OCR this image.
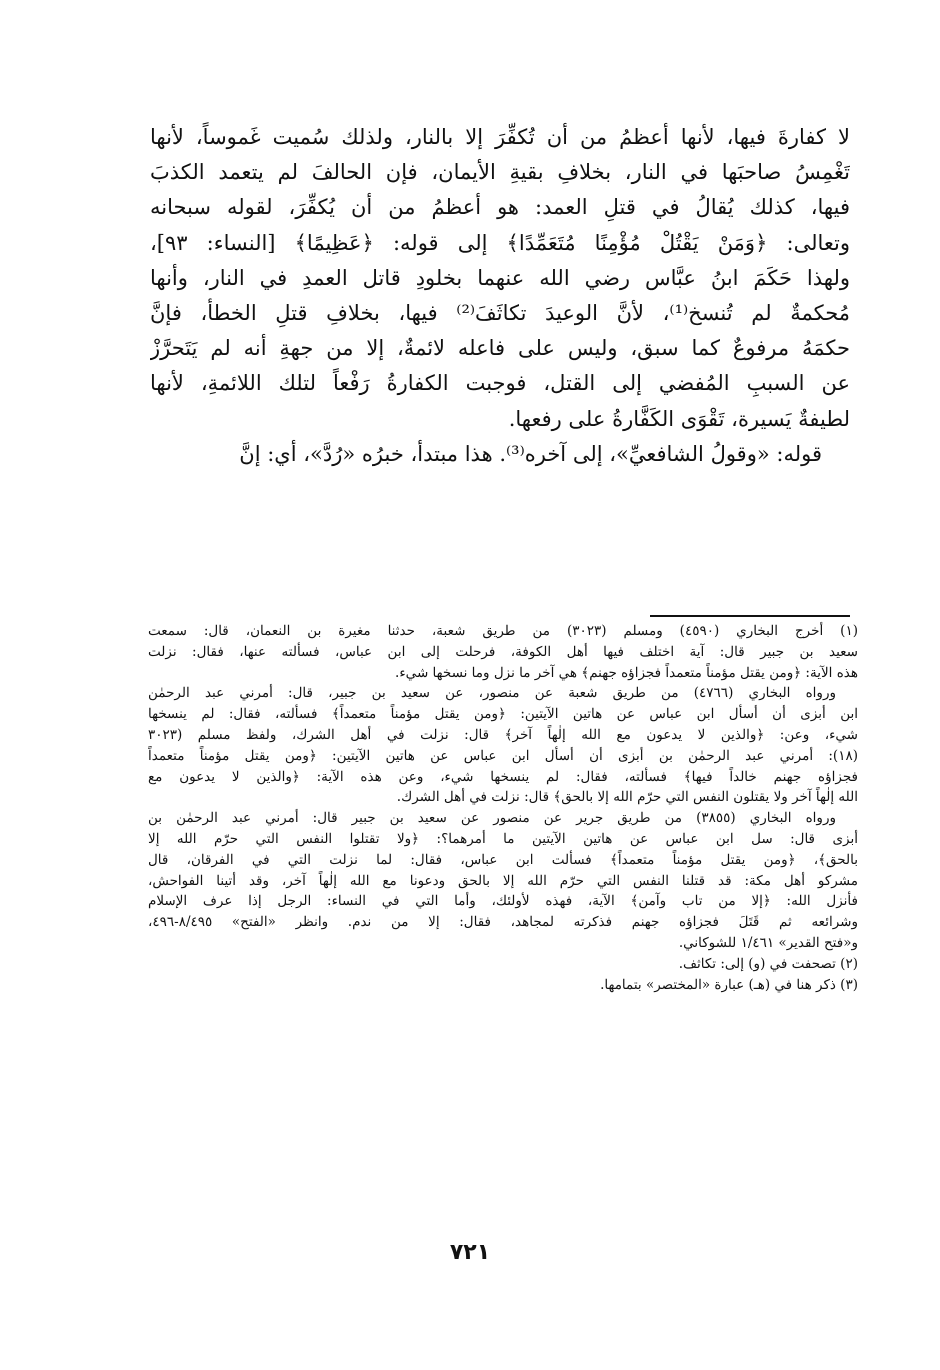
لا كفارةَ فيها، لأنها أعظمُ من أن تُكفِّرَ إلا بالنار، ولذلك سُميت غَموساً، لأنها
تَغْمِسُ صاحبَها في النار، بخلافِ بقيةِ الأيمان، فإن الحالفَ لم يتعمد الكذبَ
فيها، كذلك يُقالُ في قتلِ العمد: هو أعظمُ من أن يُكفِّرَ، لقوله سبحانه
وتعالى: ﴿وَمَنْ يَقْتُلْ مُؤْمِنًا مُتَعَمِّدًا﴾ إلى قوله: ﴿عَظِيمًا﴾ [النساء: ٩٣]،
ولهذا حَكَمَ ابنُ عبَّاس رضي الله عنهما بخلودِ قاتل العمدِ في النار، وأنها
مُحكمةٌ لم تُنسخ⁽¹⁾، لأنَّ الوعيدَ تكاثَفَ⁽²⁾ فيها، بخلافِ قتلِ الخطأ، فإنَّ
حكمَهُ مرفوعٌ كما سبق، وليس على فاعله لائمةٌ، إلا من جهةِ أنه لم يَتَحرَّزْ
عن السببِ المُفضي إلى القتل، فوجبت الكفارةُ رَفْعاً لتلك اللائمةِ، لأنها
لطيفةٌ يَسيرة، تَقْوَى الكَفَّارةُ على رفعها.
قوله: «وقولُ الشافعيِّ»، إلى آخره⁽³⁾. هذا مبتدأ، خبرُه «رُدَّ»، أي: إنَّ
(١) أخرج البخاري (٤٥٩٠) ومسلم (٣٠٢٣) من طريق شعبة، حدثنا مغيرة بن النعمان، قال: سمعت
سعيد بن جبير قال: آية اختلف فيها أهل الكوفة، فرحلت إلى ابن عباس، فسألته عنها، فقال: نزلت
هذه الآية: ﴿ومن يقتل مؤمناً متعمداً فجزاؤه جهنم﴾ هي آخر ما نزل وما نسخها شيء.
ورواه البخاري (٤٧٦٦) من طريق شعبة عن منصور، عن سعيد بن جبير، قال: أمرني عبد الرحمٰن
ابن أبزى أن أسأل ابن عباس عن هاتين الآيتين: ﴿ومن يقتل مؤمناً متعمداً﴾ فسألته، فقال: لم ينسخها
شيء، وعن: ﴿والذين لا يدعون مع الله إلٰهاً آخر﴾ قال: نزلت في أهل الشرك، ولفظ مسلم (٣٠٢٣
(١٨): أمرني عبد الرحمٰن بن أبزى أن أسأل ابن عباس عن هاتين الآيتين: ﴿ومن يقتل مؤمناً متعمداً
فجزاؤه جهنم خالداً فيها﴾ فسألته، فقال: لم ينسخها شيء، وعن هذه الآية: ﴿والذين لا يدعون مع
الله إلٰهاً آخر ولا يقتلون النفس التي حرّم الله إلا بالحق﴾ قال: نزلت في أهل الشرك.
ورواه البخاري (٣٨٥٥) من طريق جرير عن منصور عن سعيد بن جبير قال: أمرني عبد الرحمٰن بن
أبزى قال: سل ابن عباس عن هاتين الآيتين ما أمرهما؟: ﴿ولا تقتلوا النفس التي حرّم الله إلا
بالحق﴾، ﴿ومن يقتل مؤمناً متعمداً﴾ فسألت ابن عباس، فقال: لما نزلت التي في الفرقان، قال
مشركو أهل مكة: قد قتلنا النفس التي حرّم الله إلا بالحق ودعونا مع الله إلٰهاً آخر، وقد أتينا الفواحش،
فأنزل الله: ﴿إلا من تاب وآمن﴾ الآية، فهذه لأولئك، وأما التي في النساء: الرجل إذا عرف الإسلام
وشرائعه ثم قَتَلَ فجزاؤه جهنم فذكرته لمجاهد، فقال: إلا من ندم. وانظر «الفتح» ٨/٤٩٥-٤٩٦،
و«فتح القدير» ١/٤٦١ للشوكاني.
(٢) تصحفت في (و) إلى: تكاثف.
(٣) ذكر هنا في (هـ) عبارة «المختصر» بتمامها.
٧٢١
